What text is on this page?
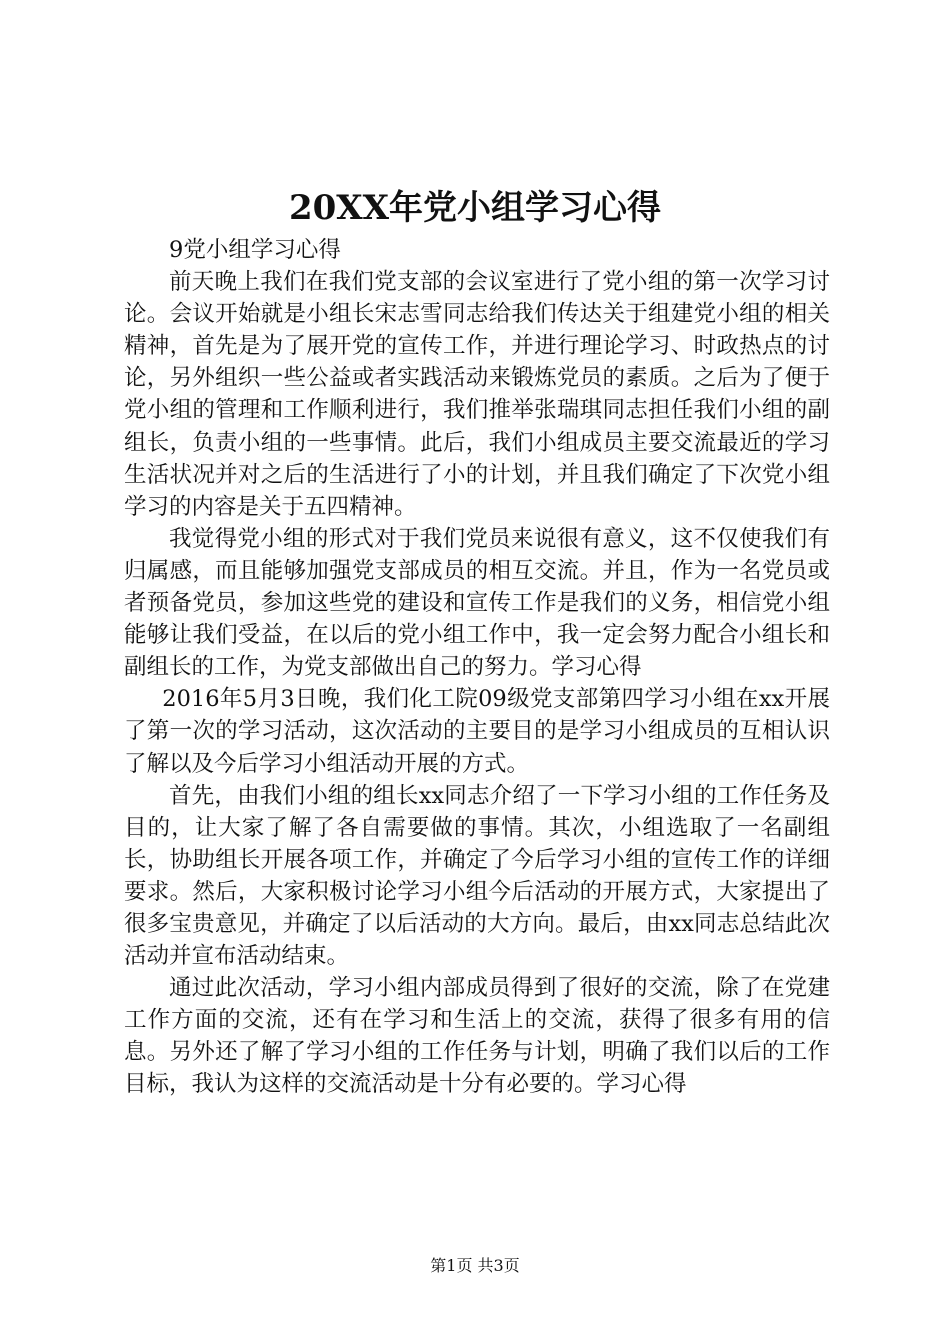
20XX年党小组学习心得

9党小组学习心得

前天晚上我们在我们党支部的会议室进行了党小组的第一次学习讨论。会议开始就是小组长宋志雪同志给我们传达关于组建党小组的相关精神，首先是为了展开党的宣传工作，并进行理论学习、时政热点的讨论，另外组织一些公益或者实践活动来锻炼党员的素质。之后为了便于党小组的管理和工作顺利进行，我们推举张瑞琪同志担任我们小组的副组长，负责小组的一些事情。此后，我们小组成员主要交流最近的学习生活状况并对之后的生活进行了小的计划，并且我们确定了下次党小组学习的内容是关于五四精神。

我觉得党小组的形式对于我们党员来说很有意义，这不仅使我们有归属感，而且能够加强党支部成员的相互交流。并且，作为一名党员或者预备党员，参加这些党的建设和宣传工作是我们的义务，相信党小组能够让我们受益，在以后的党小组工作中，我一定会努力配合小组长和副组长的工作，为党支部做出自己的努力。学习心得

2016年5月3日晚，我们化工院09级党支部第四学习小组在xx开展了第一次的学习活动，这次活动的主要目的是学习小组成员的互相认识了解以及今后学习小组活动开展的方式。

首先，由我们小组的组长xx同志介绍了一下学习小组的工作任务及目的，让大家了解了各自需要做的事情。其次，小组选取了一名副组长，协助组长开展各项工作，并确定了今后学习小组的宣传工作的详细要求。然后，大家积极讨论学习小组今后活动的开展方式，大家提出了很多宝贵意见，并确定了以后活动的大方向。最后，由xx同志总结此次活动并宣布活动结束。

通过此次活动，学习小组内部成员得到了很好的交流，除了在党建工作方面的交流，还有在学习和生活上的交流，获得了很多有用的信息。另外还了解了学习小组的工作任务与计划，明确了我们以后的工作目标，我认为这样的交流活动是十分有必要的。学习心得

第1页 共3页
